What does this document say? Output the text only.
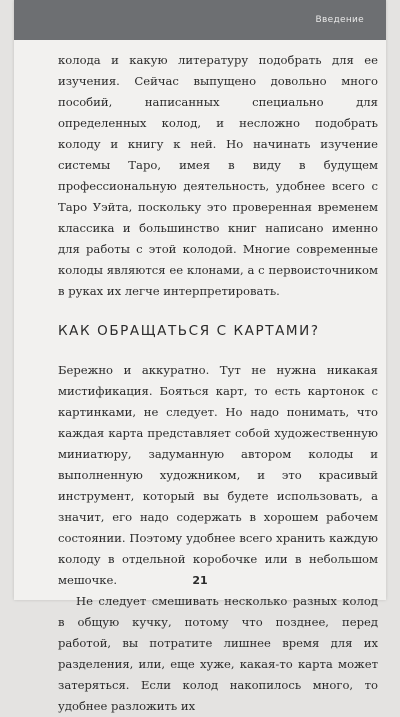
Введение

колода и какую литературу подобрать для ее изучения. Сейчас выпущено довольно много пособий, написанных специально для определенных колод, и несложно подобрать колоду и книгу к ней. Но начинать изучение системы Таро, имея в виду в будущем профессиональную деятельность, удобнее всего с Таро Уэйта, поскольку это проверенная временем классика и большинство книг написано именно для работы с этой колодой. Многие современные колоды являются ее клонами, а с первоисточником в руках их легче интерпретировать.

КАК ОБРАЩАТЬСЯ С КАРТАМИ?

Бережно и аккуратно. Тут не нужна никакая мистификация. Бояться карт, то есть картонок с картинками, не следует. Но надо понимать, что каждая карта представляет собой художественную миниатюру, задуманную автором колоды и выполненную художником, и это красивый инструмент, который вы будете использовать, а значит, его надо содержать в хорошем рабочем состоянии. Поэтому удобнее всего хранить каждую колоду в отдельной коробочке или в небольшом мешочке.

Не следует смешивать несколько разных колод в общую кучку, потому что позднее, перед работой, вы потратите лишнее время для их разделения, или, еще хуже, какая-то карта может затеряться. Если колод накопилось много, то удобнее разложить их

21
